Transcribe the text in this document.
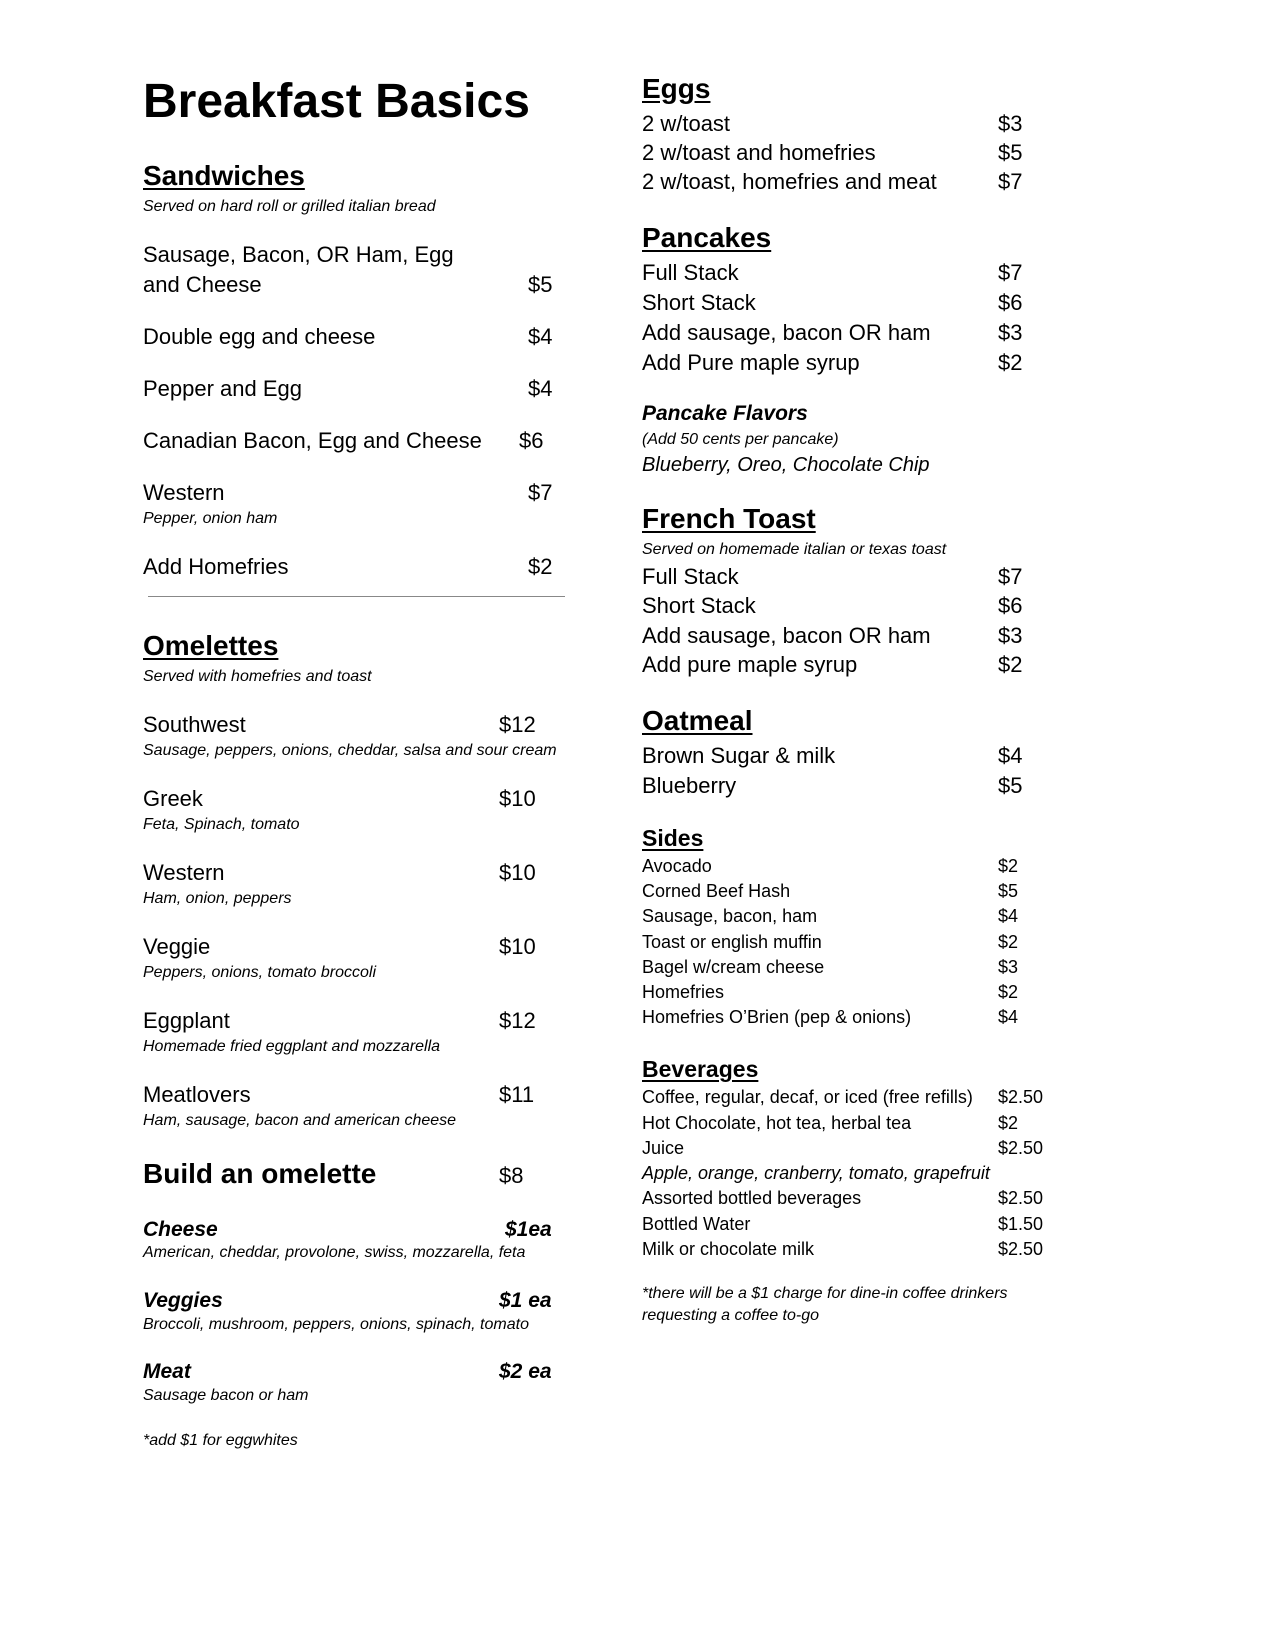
Breakfast Basics
Sandwiches
Served on hard roll or grilled italian bread
Sausage, Bacon, OR Ham, Egg
and Cheese	$5
Double egg and cheese	$4
Pepper and Egg	$4
Canadian Bacon, Egg and Cheese $6
Western	$7
Pepper, onion ham
Add Homefries	$2
Omelettes
Served with homefries and toast
Southwest	$12
Sausage, peppers, onions, cheddar, salsa and sour cream
Greek	$10
Feta, Spinach, tomato
Western	$10
Ham, onion, peppers
Veggie	$10
Peppers, onions, tomato broccoli
Eggplant	$12
Homemade fried eggplant and mozzarella
Meatlovers	$11
Ham, sausage, bacon and american cheese
Build an omelette	$8
Cheese	$1ea
American, cheddar, provolone, swiss, mozzarella, feta
Veggies	$1 ea
Broccoli, mushroom, peppers, onions, spinach, tomato
Meat	$2 ea
Sausage bacon or ham
*add $1 for eggwhites
Eggs
2 w/toast	$3
2 w/toast and homefries	$5
2 w/toast, homefries and meat	$7
Pancakes
Full Stack	$7
Short Stack	$6
Add sausage, bacon OR ham	$3
Add Pure maple syrup	$2
Pancake Flavors
(Add 50 cents per pancake)
Blueberry, Oreo, Chocolate Chip
French Toast
Served on homemade italian or texas toast
Full Stack	$7
Short Stack	$6
Add sausage, bacon OR ham	$3
Add pure maple syrup	$2
Oatmeal
Brown Sugar & milk	$4
Blueberry	$5
Sides
Avocado	$2
Corned Beef Hash	$5
Sausage, bacon, ham	$4
Toast or english muffin	$2
Bagel w/cream cheese	$3
Homefries	$2
Homefries O’Brien (pep & onions)	$4
Beverages
Coffee, regular, decaf, or iced (free refills) $2.50
Hot Chocolate, hot tea, herbal tea	$2
Juice	$2.50
Apple, orange, cranberry, tomato, grapefruit
Assorted bottled beverages	$2.50
Bottled Water	$1.50
Milk or chocolate milk	$2.50
*there will be a $1 charge for dine-in coffee drinkers
requesting a coffee to-go
